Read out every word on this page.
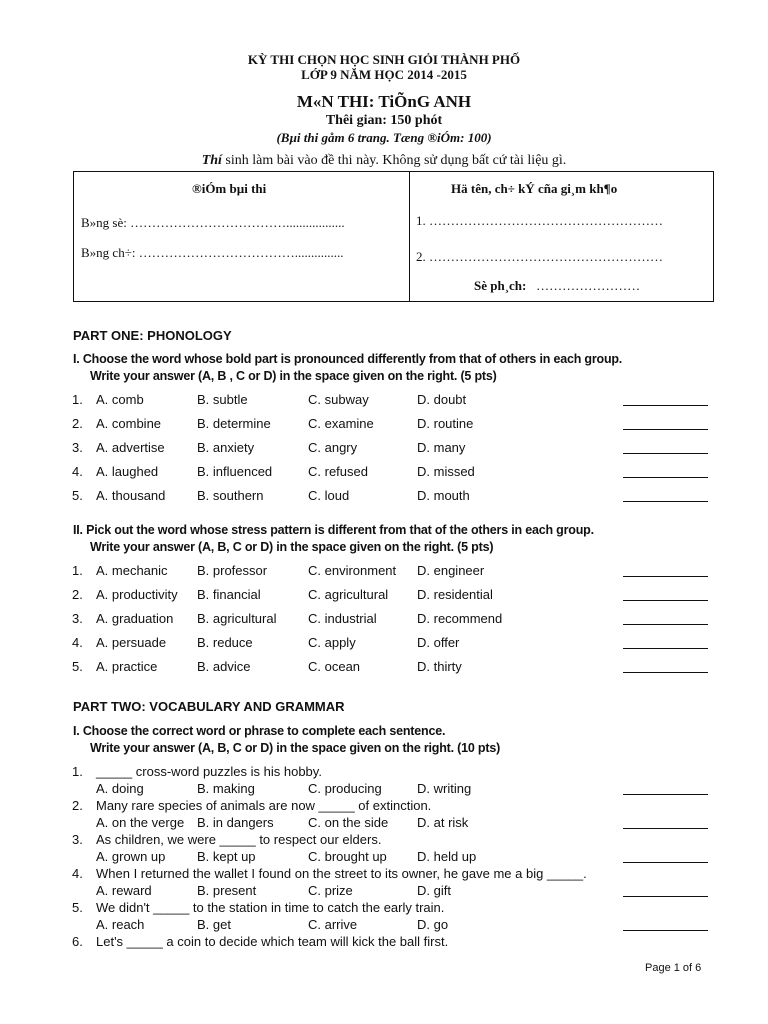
KỲ THI CHỌN HỌC SINH GIỎI THÀNH PHỐ
LỚP 9 NĂM HỌC 2014 -2015
M«N THI: TiÕnG ANH
Thêi gian: 150 phót
(Bµi thi gåm 6 trang. Tæng ®iÓm: 100)
Thí sinh làm bài vào đề thi này. Không sử dụng bất cứ tài liệu gì.
®iÓm bµi thi
B»ng sè: ………………………………..................
B»ng ch÷: ………………………………...............
Hä tên, ch÷ kÝ cña gi¸m kh¶o
1. ………………………………………………
2. ………………………………………………
Sè ph¸ch: ……………………
PART ONE: PHONOLOGY
I. Choose the word whose bold part is pronounced differently from that of others in each group.
Write your answer (A, B , C or D) in the space given on the right. (5 pts)
1. A. comb	B. subtle	C. subway	D. doubt
2. A. combine	B. determine	C. examine	D. routine
3. A. advertise B. anxiety	C. angry	D. many
4. A. laughed	B. influenced	C. refused	D. missed
5. A. thousand B. southern	C. loud	D. mouth
II. Pick out the word whose stress pattern is different from that of the others in each group.
Write your answer (A, B, C or D) in the space given on the right. (5 pts)
1. A. mechanic B. professor	C. environment D. engineer
2. A. productivity B. financial	C. agricultural D. residential
3. A. graduation B. agricultural C. industrial	D. recommend
4. A. persuade B. reduce	C. apply	D. offer
5. A. practice	B. advice	C. ocean	D. thirty
PART TWO: VOCABULARY AND GRAMMAR
I. Choose the correct word or phrase to complete each sentence.
Write your answer (A, B, C or D) in the space given on the right. (10 pts)
1. _____ cross-word puzzles is his hobby.
A. doing	B. making	C. producing	D. writing
2. Many rare species of animals are now _____ of extinction.
A. on the verge B. in dangers	C. on the side D. at risk
3. As children, we were _____ to respect our elders.
A. grown up B. kept up	C. brought up D. held up
4. When I returned the wallet I found on the street to its owner, he gave me a big _____.
A. reward	B. present	C. prize	D. gift
5. We didn't _____ to the station in time to catch the early train.
A. reach	B. get	C. arrive	D. go
6. Let's _____ a coin to decide which team will kick the ball first.
Page 1 of 6
